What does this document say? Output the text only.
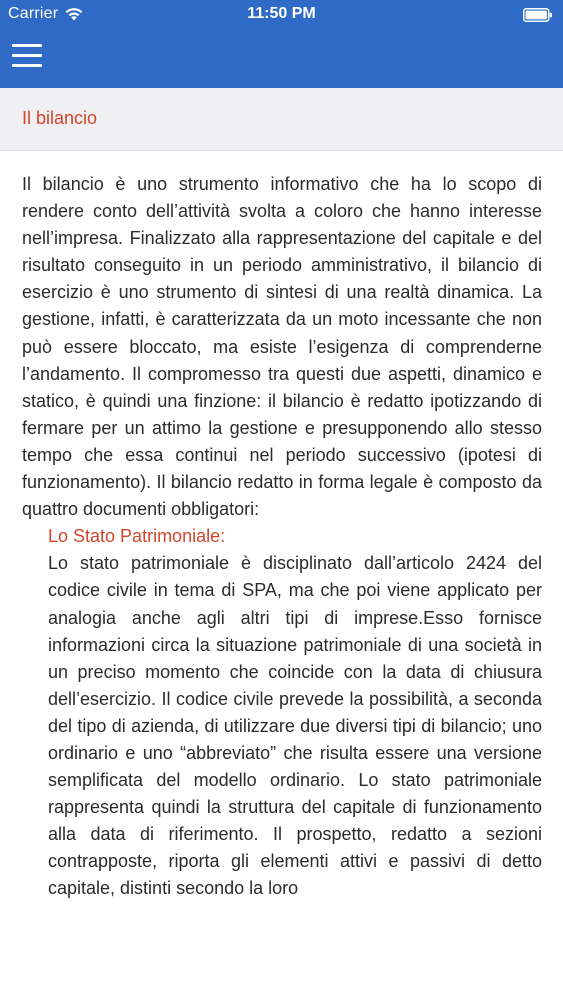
Carrier	11:50 PM
Il bilancio

Il bilancio è uno strumento informativo che ha lo scopo di rendere conto dell’attività svolta a coloro che hanno interesse nell’impresa. Finalizzato alla rappresentazione del capitale e del risultato conseguito in un periodo amministrativo, il bilancio di esercizio è uno strumento di sintesi di una realtà dinamica. La gestione, infatti, è caratterizzata da un moto incessante che non può essere bloccato, ma esiste l’esigenza di comprenderne l’andamento. Il compromesso tra questi due aspetti, dinamico e statico, è quindi una finzione: il bilancio è redatto ipotizzando di fermare per un attimo la gestione e presupponendo allo stesso tempo che essa continui nel periodo successivo (ipotesi di funzionamento). Il bilancio redatto in forma legale è composto da quattro documenti obbligatori:

Lo Stato Patrimoniale:

Lo stato patrimoniale è disciplinato dall’articolo 2424 del codice civile in tema di SPA, ma che poi viene applicato per analogia anche agli altri tipi di imprese.Esso fornisce informazioni circa la situazione patrimoniale di una società in un preciso momento che coincide con la data di chiusura dell’esercizio. Il codice civile prevede la possibilità, a seconda del tipo di azienda, di utilizzare due diversi tipi di bilancio; uno ordinario e uno “abbreviato” che risulta essere una versione semplificata del modello ordinario. Lo stato patrimoniale rappresenta quindi la struttura del capitale di funzionamento alla data di riferimento. Il prospetto, redatto a sezioni contrapposte, riporta gli elementi attivi e passivi di detto capitale, distinti secondo la loro
